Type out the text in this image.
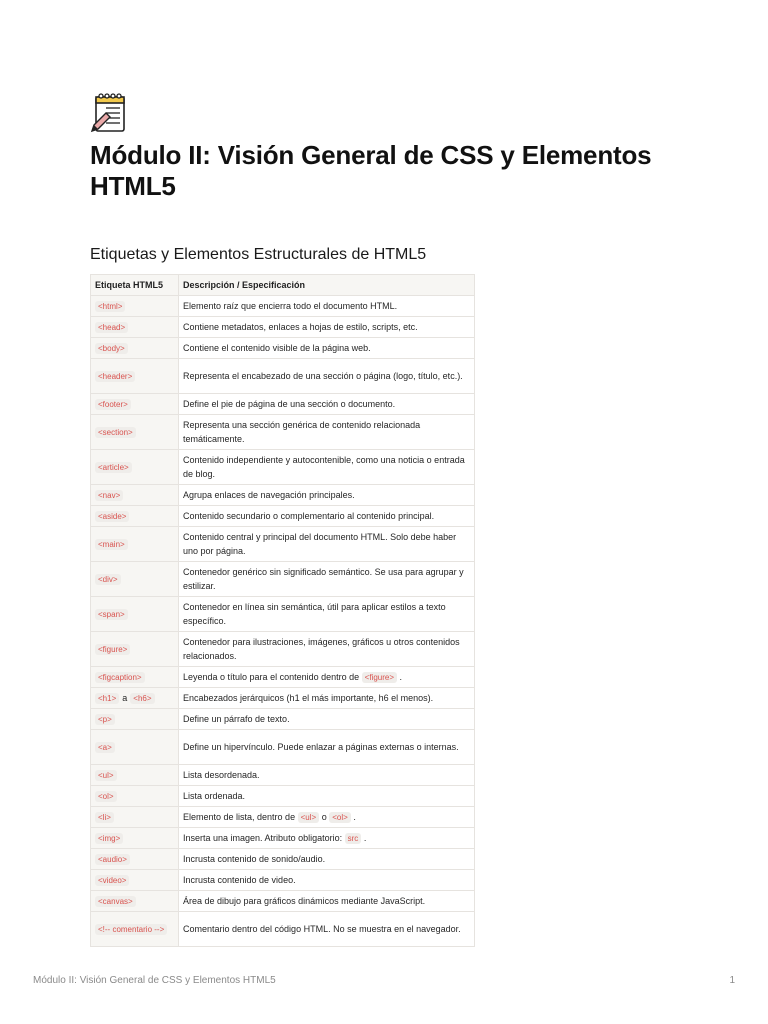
Módulo II: Visión General de CSS y Elementos HTML5
Etiquetas y Elementos Estructurales de HTML5
Etiqueta HTML5	Descripción / Especificación
<html>	Elemento raíz que encierra todo el documento HTML.
<head>	Contiene metadatos, enlaces a hojas de estilo, scripts, etc.
<body>	Contiene el contenido visible de la página web.
<header>	Representa el encabezado de una sección o página (logo, título, etc.).
<footer>	Define el pie de página de una sección o documento.
<section>	Representa una sección genérica de contenido relacionada temáticamente.
<article>	Contenido independiente y autocontenible, como una noticia o entrada de blog.
<nav>	Agrupa enlaces de navegación principales.
<aside>	Contenido secundario o complementario al contenido principal.
<main>	Contenido central y principal del documento HTML. Solo debe haber uno por página.
<div>	Contenedor genérico sin significado semántico. Se usa para agrupar y estilizar.
<span>	Contenedor en línea sin semántica, útil para aplicar estilos a texto específico.
<figure>	Contenedor para ilustraciones, imágenes, gráficos u otros contenidos relacionados.
<figcaption>	Leyenda o título para el contenido dentro de <figure> .
<h1> a <h6>	Encabezados jerárquicos (h1 el más importante, h6 el menos).
<p>	Define un párrafo de texto.
<a>	Define un hipervínculo. Puede enlazar a páginas externas o internas.
<ul>	Lista desordenada.
<ol>	Lista ordenada.
<li>	Elemento de lista, dentro de <ul> o <ol> .
<img>	Inserta una imagen. Atributo obligatorio: src .
<audio>	Incrusta contenido de sonido/audio.
<video>	Incrusta contenido de video.
<canvas>	Área de dibujo para gráficos dinámicos mediante JavaScript.
<!-- comentario -->	Comentario dentro del código HTML. No se muestra en el navegador.
Módulo II: Visión General de CSS y Elementos HTML5	1
